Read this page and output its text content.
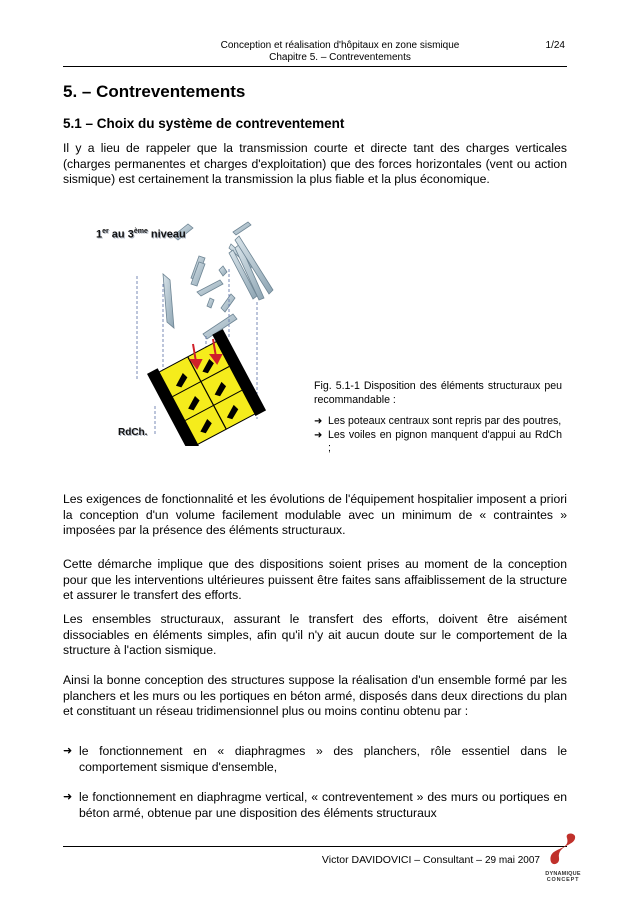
Conception et réalisation d'hôpitaux en zone sismique
Chapitre 5. – Contreventements
1/24
5. – Contreventements
5.1 – Choix du système de contreventement
Il y a lieu de rappeler que la transmission courte et directe tant des charges verticales (charges permanentes et charges d'exploitation) que des forces horizontales (vent ou action sismique) est certainement la transmission la plus fiable et la plus économique.
1er au 3ème niveau
RdCh.
Fig. 5.1-1 Disposition des éléments structuraux peu recommandable :
➜ Les poteaux centraux sont repris par des poutres,
➜ Les voiles en pignon manquent d'appui au RdCh ;
Les exigences de fonctionnalité et les évolutions de l'équipement hospitalier imposent a priori la conception d'un volume facilement modulable avec un minimum de « contraintes » imposées par la présence des éléments structuraux.
Cette démarche implique que des dispositions soient prises au moment de la conception pour que les interventions ultérieures puissent être faites sans affaiblissement de la structure et assurer le transfert des efforts.
Les ensembles structuraux, assurant le transfert des efforts, doivent être aisément dissociables en éléments simples, afin qu'il n'y ait aucun doute sur le comportement de la structure à l'action sismique.
Ainsi la bonne conception des structures suppose la réalisation d'un ensemble formé par les planchers et les murs ou les portiques en béton armé, disposés dans deux directions du plan et constituant un réseau tridimensionnel plus ou moins continu obtenu par :
➜ le fonctionnement en « diaphragmes » des planchers, rôle essentiel dans le comportement sismique d'ensemble,
➜ le fonctionnement en diaphragme vertical, « contreventement » des murs ou portiques en béton armé, obtenue par une disposition des éléments structuraux
Victor DAVIDOVICI – Consultant – 29 mai 2007
DYNAMIQUE
CONCEPT
